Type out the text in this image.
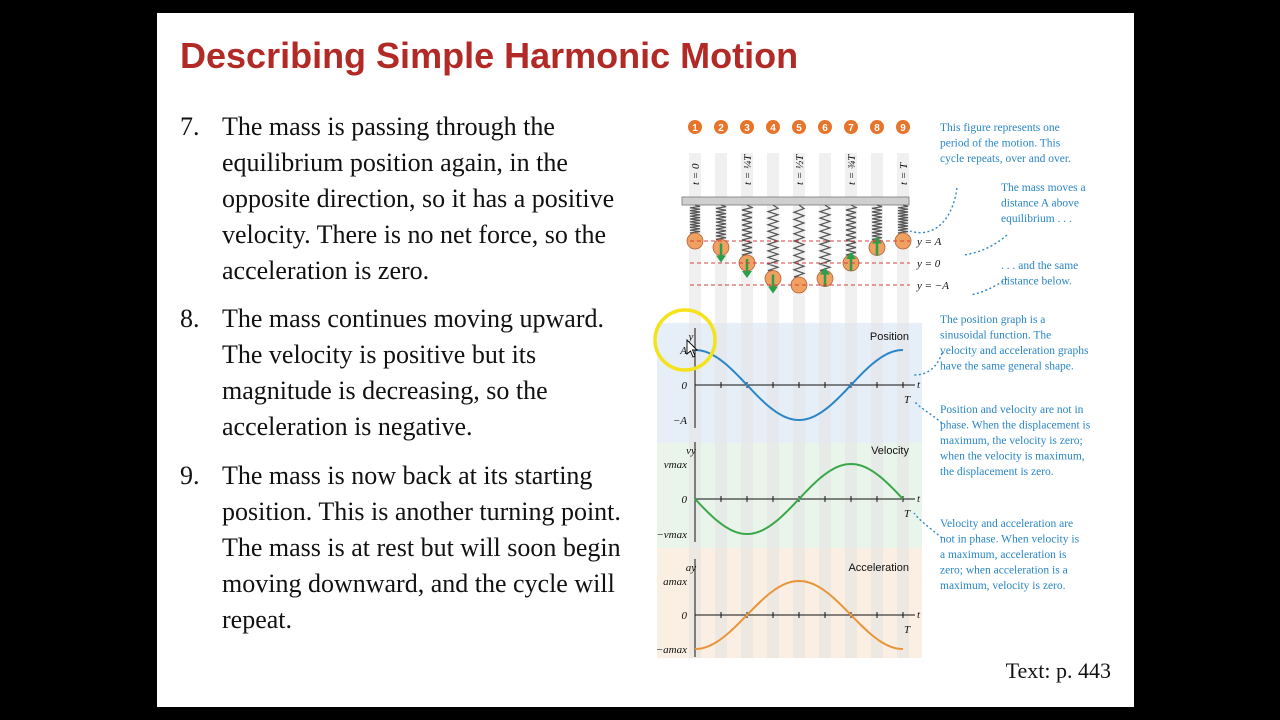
Describing Simple Harmonic Motion
7. The mass is passing through the equilibrium position again, in the opposite direction, so it has a positive velocity. There is no net force, so the acceleration is zero.
8. The mass continues moving upward. The velocity is positive but its magnitude is decreasing, so the acceleration is negative.
9. The mass is now back at its starting position. This is another turning point. The mass is at rest but will soon begin moving downward, and the cycle will repeat.
1 2 3 4 5 6 7 8 9
t = 0	t = ¼T	t = ½T	t = ¾T	t = T
y = A
y = 0
y = −A
y	Position
A
0
−A
t
T
vy	Velocity
vmax
0
−vmax
t
T
ay	Acceleration
amax
0
−amax
t
T
This figure represents one
period of the motion. This
cycle repeats, over and over.
The mass moves a
distance A above
equilibrium . . .
. . . and the same
distance below.
The position graph is a
sinusoidal function. The
velocity and acceleration graphs
have the same general shape.
Position and velocity are not in
phase. When the displacement is
maximum, the velocity is zero;
when the velocity is maximum,
the displacement is zero.
Velocity and acceleration are
not in phase. When velocity is
a maximum, acceleration is
zero; when acceleration is a
maximum, velocity is zero.
Text: p. 443
